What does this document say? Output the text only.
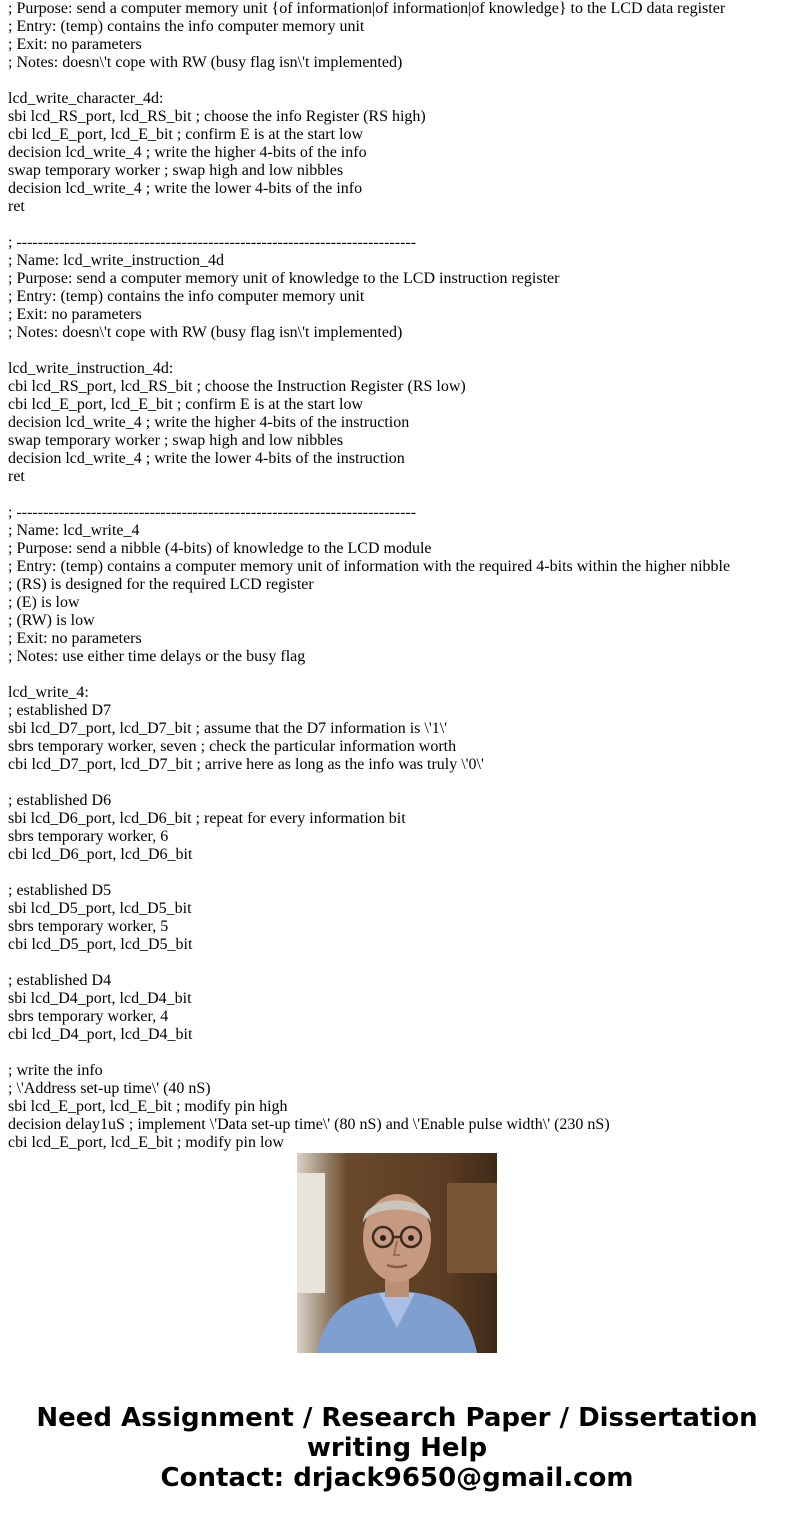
; Purpose: send a computer memory unit {of information|of information|of knowledge} to the LCD data register
; Entry: (temp) contains the info computer memory unit
; Exit: no parameters
; Notes: doesn\'t cope with RW (busy flag isn\'t implemented)
lcd_write_character_4d:
sbi lcd_RS_port, lcd_RS_bit ; choose the info Register (RS high)
cbi lcd_E_port, lcd_E_bit ; confirm E is at the start low
decision lcd_write_4 ; write the higher 4-bits of the info
swap temporary worker ; swap high and low nibbles
decision lcd_write_4 ; write the lower 4-bits of the info
ret
; ---------------------------------------------------------------------------
; Name: lcd_write_instruction_4d
; Purpose: send a computer memory unit of knowledge to the LCD instruction register
; Entry: (temp) contains the info computer memory unit
; Exit: no parameters
; Notes: doesn\'t cope with RW (busy flag isn\'t implemented)
lcd_write_instruction_4d:
cbi lcd_RS_port, lcd_RS_bit ; choose the Instruction Register (RS low)
cbi lcd_E_port, lcd_E_bit ; confirm E is at the start low
decision lcd_write_4 ; write the higher 4-bits of the instruction
swap temporary worker ; swap high and low nibbles
decision lcd_write_4 ; write the lower 4-bits of the instruction
ret
; ---------------------------------------------------------------------------
; Name: lcd_write_4
; Purpose: send a nibble (4-bits) of knowledge to the LCD module
; Entry: (temp) contains a computer memory unit of information with the required 4-bits within the higher nibble
; (RS) is designed for the required LCD register
; (E) is low
; (RW) is low
; Exit: no parameters
; Notes: use either time delays or the busy flag
lcd_write_4:
; established D7
sbi lcd_D7_port, lcd_D7_bit ; assume that the D7 information is \'1\'
sbrs temporary worker, seven ; check the particular information worth
cbi lcd_D7_port, lcd_D7_bit ; arrive here as long as the info was truly \'0\'
; established D6
sbi lcd_D6_port, lcd_D6_bit ; repeat for every information bit
sbrs temporary worker, 6
cbi lcd_D6_port, lcd_D6_bit
; established D5
sbi lcd_D5_port, lcd_D5_bit
sbrs temporary worker, 5
cbi lcd_D5_port, lcd_D5_bit
; established D4
sbi lcd_D4_port, lcd_D4_bit
sbrs temporary worker, 4
cbi lcd_D4_port, lcd_D4_bit
; write the info
; \'Address set-up time\' (40 nS)
sbi lcd_E_port, lcd_E_bit ; modify pin high
decision delay1uS ; implement \'Data set-up time\' (80 nS) and \'Enable pulse width\' (230 nS)
cbi lcd_E_port, lcd_E_bit ; modify pin low
Need Assignment / Research Paper / Dissertation
writing Help
Contact: drjack9650@gmail.com
